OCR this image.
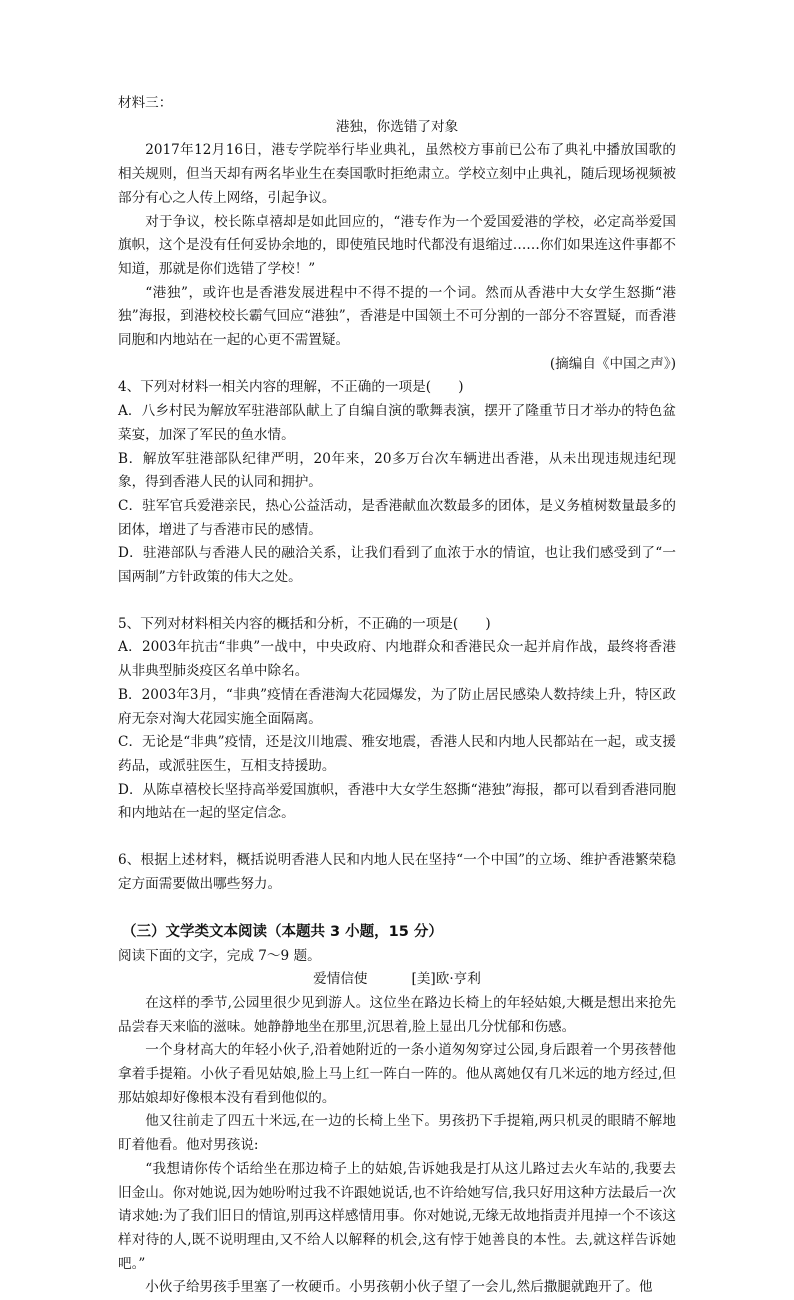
材料三：

港独，你选错了对象

2017年12月16日，港专学院举行毕业典礼，虽然校方事前已公布了典礼中播放国歌的相关规则，但当天却有两名毕业生在奏国歌时拒绝肃立。学校立刻中止典礼，随后现场视频被部分有心之人传上网络，引起争议。

对于争议，校长陈卓禧却是如此回应的，“港专作为一个爱国爱港的学校，必定高举爱国旗帜，这个是没有任何妥协余地的，即使殖民地时代都没有退缩过……你们如果连这件事都不知道，那就是你们选错了学校！”

“港独”，或许也是香港发展进程中不得不提的一个词。然而从香港中大女学生怒撕“港独”海报，到港校校长霸气回应“港独”，香港是中国领土不可分割的一部分不容置疑，而香港同胞和内地站在一起的心更不需置疑。

(摘编自《中国之声》)

4、下列对材料一相关内容的理解，不正确的一项是(　　)

A．八乡村民为解放军驻港部队献上了自编自演的歌舞表演，摆开了隆重节日才举办的特色盆菜宴，加深了军民的鱼水情。

B．解放军驻港部队纪律严明，20年来，20多万台次车辆进出香港，从未出现违规违纪现象，得到香港人民的认同和拥护。

C．驻军官兵爱港亲民，热心公益活动，是香港献血次数最多的团体，是义务植树数量最多的团体，增进了与香港市民的感情。

D．驻港部队与香港人民的融洽关系，让我们看到了血浓于水的情谊，也让我们感受到了“一国两制”方针政策的伟大之处。

5、下列对材料相关内容的概括和分析，不正确的一项是(　　)

A．2003年抗击“非典”一战中，中央政府、内地群众和香港民众一起并肩作战，最终将香港从非典型肺炎疫区名单中除名。

B．2003年3月，“非典”疫情在香港淘大花园爆发，为了防止居民感染人数持续上升，特区政府无奈对淘大花园实施全面隔离。

C．无论是“非典”疫情，还是汶川地震、雅安地震，香港人民和内地人民都站在一起，或支援药品，或派驻医生，互相支持援助。

D．从陈卓禧校长坚持高举爱国旗帜，香港中大女学生怒撕“港独”海报，都可以看到香港同胞和内地站在一起的坚定信念。

6、根据上述材料，概括说明香港人民和内地人民在坚持“一个中国”的立场、维护香港繁荣稳定方面需要做出哪些努力。

（三）文学类文本阅读（本题共 3 小题，15 分）

阅读下面的文字，完成 7～9 题。

爱情信使	[美]欧·亨利

在这样的季节,公园里很少见到游人。这位坐在路边长椅上的年轻姑娘,大概是想出来抢先品尝春天来临的滋味。她静静地坐在那里,沉思着,脸上显出几分忧郁和伤感。

一个身材高大的年轻小伙子,沿着她附近的一条小道匆匆穿过公园,身后跟着一个男孩替他拿着手提箱。小伙子看见姑娘,脸上马上红一阵白一阵的。他从离她仅有几米远的地方经过,但那姑娘却好像根本没有看到他似的。

他又往前走了四五十米远,在一边的长椅上坐下。男孩扔下手提箱,两只机灵的眼睛不解地盯着他看。他对男孩说:

“我想请你传个话给坐在那边椅子上的姑娘,告诉她我是打从这儿路过去火车站的,我要去旧金山。你对她说,因为她吩咐过我不许跟她说话,也不许给她写信,我只好用这种方法最后一次请求她:为了我们旧日的情谊,别再这样感情用事。你对她说,无缘无故地指责并甩掉一个不该这样对待的人,既不说明理由,又不给人以解释的机会,这有悖于她善良的本性。去,就这样告诉她吧。”

小伙子给男孩手里塞了一枚硬币。小男孩朝小伙子望了一会儿,然后撒腿就跑开了。他
